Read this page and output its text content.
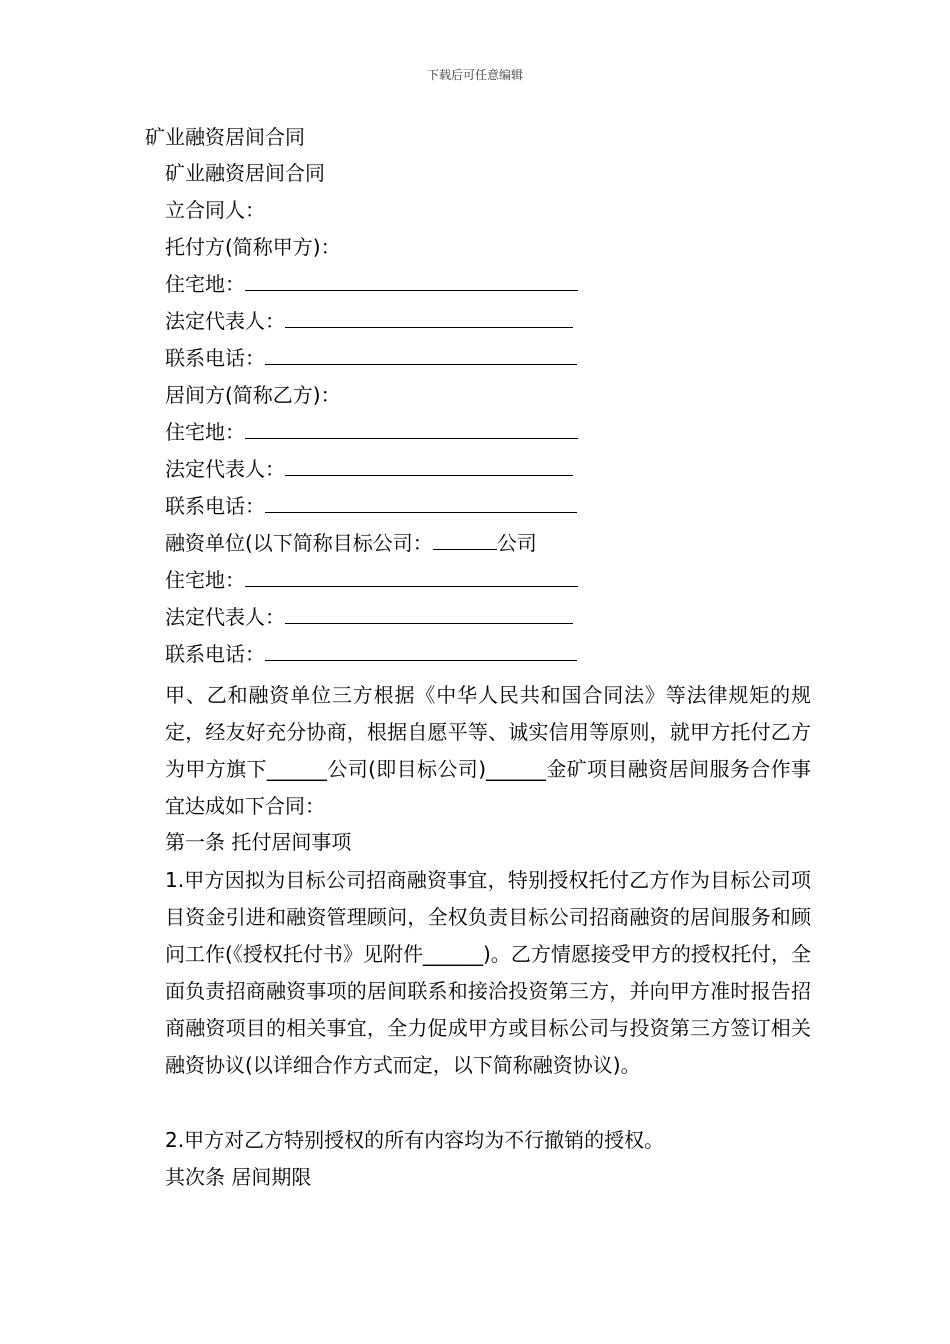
下载后可任意编辑
矿业融资居间合同
矿业融资居间合同
立合同人：
托付方(简称甲方)：
住宅地：
法定代表人：
联系电话：
居间方(简称乙方)：
住宅地：
法定代表人：
联系电话：
融资单位(以下简称目标公司：	公司
住宅地：
法定代表人：
联系电话：

甲、乙和融资单位三方根据《中华人民共和国合同法》等法律规矩的规定，经友好充分协商，根据自愿平等、诚实信用等原则，就甲方托付乙方为甲方旗下______公司(即目标公司)______金矿项目融资居间服务合作事宜达成如下合同：

第一条 托付居间事项

1.甲方因拟为目标公司招商融资事宜，特别授权托付乙方作为目标公司项目资金引进和融资管理顾问，全权负责目标公司招商融资的居间服务和顾问工作(《授权托付书》见附件______)。乙方情愿接受甲方的授权托付，全面负责招商融资事项的居间联系和接洽投资第三方，并向甲方准时报告招商融资项目的相关事宜，全力促成甲方或目标公司与投资第三方签订相关融资协议(以详细合作方式而定，以下简称融资协议)。

2.甲方对乙方特别授权的所有内容均为不行撤销的授权。

其次条 居间期限
